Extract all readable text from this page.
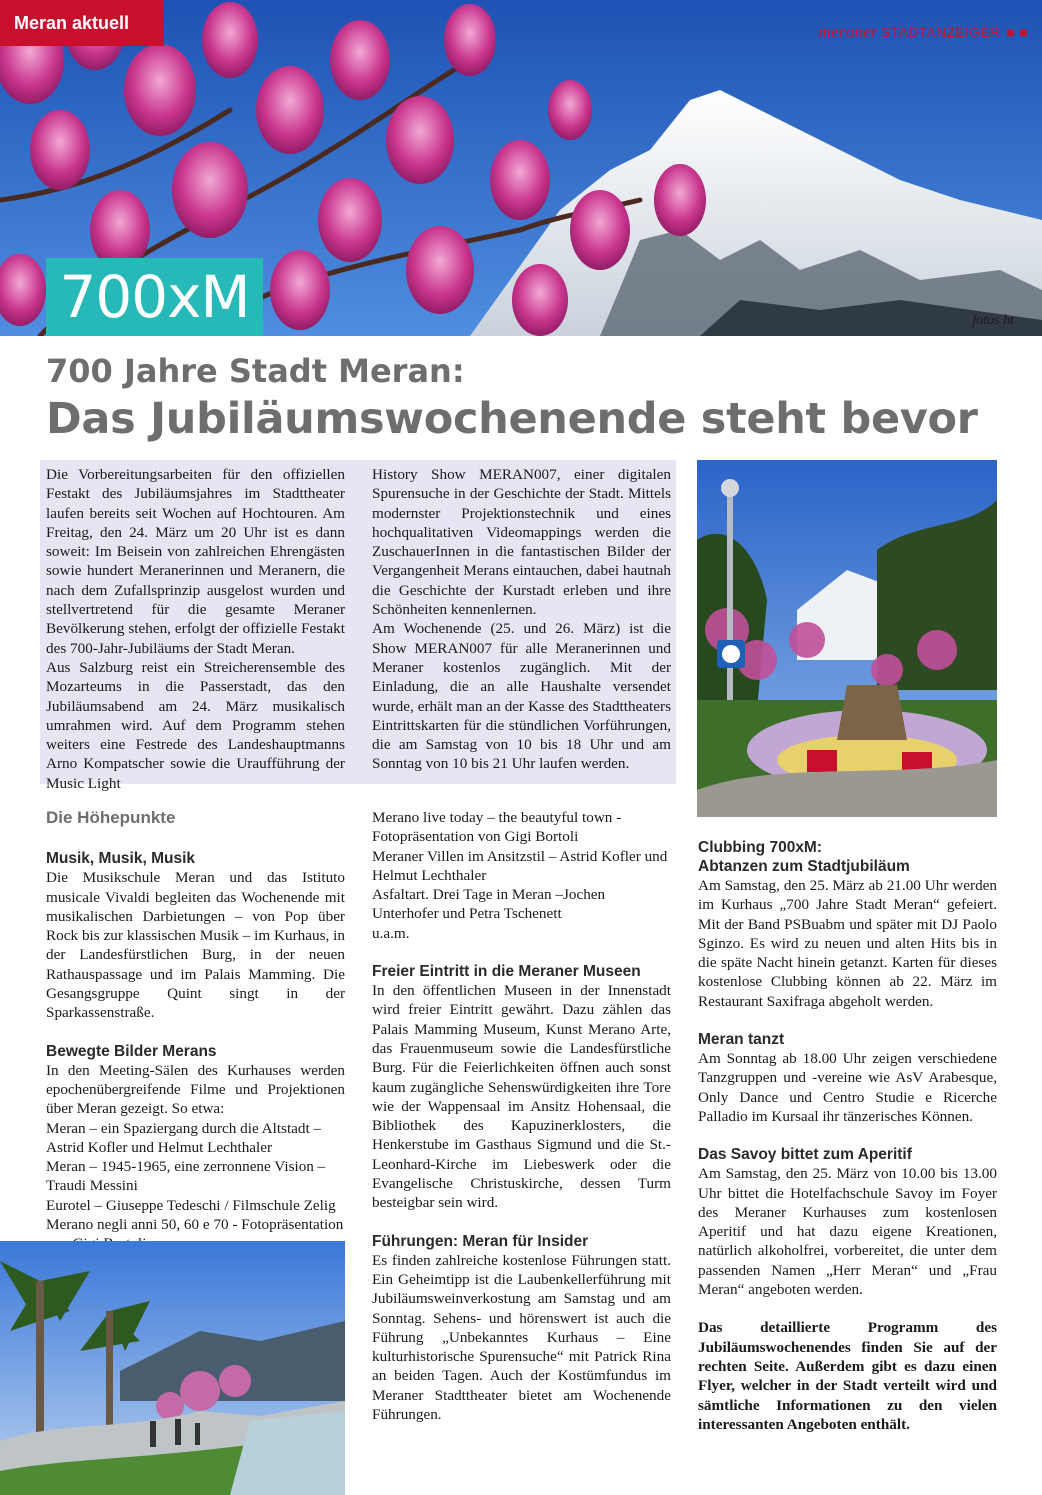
Meran aktuell	meraner STADTANZEIGER ■ ■
700xM	fotos ht
700 Jahre Stadt Meran:
Das Jubiläumswochenende steht bevor

Die Vorbereitungsarbeiten für den offiziellen Festakt des Jubiläumsjahres im Stadttheater laufen bereits seit Wochen auf Hochtouren. Am Freitag, den 24. März um 20 Uhr ist es dann soweit: Im Beisein von zahlreichen Ehrengästen sowie hundert Meranerinnen und Meranern, die nach dem Zufallsprinzip ausgelost wurden und stellvertretend für die gesamte Meraner Bevölkerung stehen, erfolgt der offizielle Festakt des 700-Jahr-Jubiläums der Stadt Meran.

Aus Salzburg reist ein Streicherensemble des Mozarteums in die Passerstadt, das den Jubiläumsabend am 24. März musikalisch umrahmen wird. Auf dem Programm stehen weiters eine Festrede des Landeshauptmanns Arno Kompatscher sowie die Uraufführung der Music Light

History Show MERAN007, einer digitalen Spurensuche in der Geschichte der Stadt. Mittels modernster Projektionstechnik und eines hochqualitativen Videomappings werden die ZuschauerInnen in die fantastischen Bilder der Vergangenheit Merans eintauchen, dabei hautnah die Geschichte der Kurstadt erleben und ihre Schönheiten kennenlernen.

Am Wochenende (25. und 26. März) ist die Show MERAN007 für alle Meranerinnen und Meraner kostenlos zugänglich. Mit der Einladung, die an alle Haushalte versendet wurde, erhält man an der Kasse des Stadttheaters Eintrittskarten für die stündlichen Vorführungen, die am Samstag von 10 bis 18 Uhr und am Sonntag von 10 bis 21 Uhr laufen werden.

Die Höhepunkte
Musik, Musik, Musik

Die Musikschule Meran und das Istituto musicale Vivaldi begleiten das Wochenende mit musikalischen Darbietungen – von Pop über Rock bis zur klassischen Musik – im Kurhaus, in der Landesfürstlichen Burg, in der neuen Rathauspassage und im Palais Mamming. Die Gesangsgruppe Quint singt in der Sparkassenstraße.

Bewegte Bilder Merans

In den Meeting-Sälen des Kurhauses werden epochenübergreifende Filme und Projektionen über Meran gezeigt. So etwa:

Meran – ein Spaziergang durch die Altstadt – Astrid Kofler und Helmut Lechthaler

Meran – 1945-1965, eine zerronnene Vision – Traudi Messini

Eurotel – Giuseppe Tedeschi / Filmschule Zelig

Merano negli anni 50, 60 e 70 - Fotopräsentation

Merano live today – the beautyful town - Fotopräsentation von Gigi Bortoli

Meraner Villen im Ansitzstil – Astrid Kofler und Helmut Lechthaler

Asfaltart. Drei Tage in Meran –Jochen Unterhofer und Petra Tschenett

u.a.m.

Freier Eintritt in die Meraner Museen

In den öffentlichen Museen in der Innenstadt wird freier Eintritt gewährt. Dazu zählen das Palais Mamming Museum, Kunst Merano Arte, das Frauenmuseum sowie die Landesfürstliche Burg. Für die Feierlichkeiten öffnen auch sonst kaum zugängliche Sehenswürdigkeiten ihre Tore wie der Wappensaal im Ansitz Hohensaal, die Bibliothek des Kapuzinerklosters, die Henkerstube im Gasthaus Sigmund und die St.-Leonhard-Kirche im Liebeswerk oder die Evangelische Christuskirche, dessen Turm besteigbar sein wird.

Führungen: Meran für Insider

Es finden zahlreiche kostenlose Führungen statt. Ein Geheimtipp ist die Laubenkellerführung mit Jubiläumsweinverkostung am Samstag und am Sonntag. Sehens- und hörenswert ist auch die Führung „Unbekanntes Kurhaus – Eine kulturhistorische Spurensuche“ mit Patrick Rina an beiden Tagen. Auch der Kostümfundus im Meraner Stadttheater bietet am Wochenende Führungen.

Clubbing 700xM:
Abtanzen zum Stadtjubiläum

Am Samstag, den 25. März ab 21.00 Uhr werden im Kurhaus „700 Jahre Stadt Meran“ gefeiert. Mit der Band PSBuabm und später mit DJ Paolo Sginzo. Es wird zu neuen und alten Hits bis in die späte Nacht hinein getanzt. Karten für dieses kostenlose Clubbing können ab 22. März im Restaurant Saxifraga abgeholt werden.

Meran tanzt

Am Sonntag ab 18.00 Uhr zeigen verschiedene Tanzgruppen und -vereine wie AsV Arabesque, Only Dance und Centro Studie e Ricerche Palladio im Kursaal ihr tänzerisches Können.

Das Savoy bittet zum Aperitif

Am Samstag, den 25. März von 10.00 bis 13.00 Uhr bittet die Hotelfachschule Savoy im Foyer des Meraner Kurhauses zum kostenlosen Aperitif und hat dazu eigene Kreationen, natürlich alkoholfrei, vorbereitet, die unter dem passenden Namen „Herr Meran“ und „Frau Meran“ angeboten werden.

Das detaillierte Programm des Jubiläumswochenendes finden Sie auf der rechten Seite. Außerdem gibt es dazu einen Flyer, welcher in der Stadt verteilt wird und sämtliche Informationen zu den vielen interessanten Angeboten enthält.
